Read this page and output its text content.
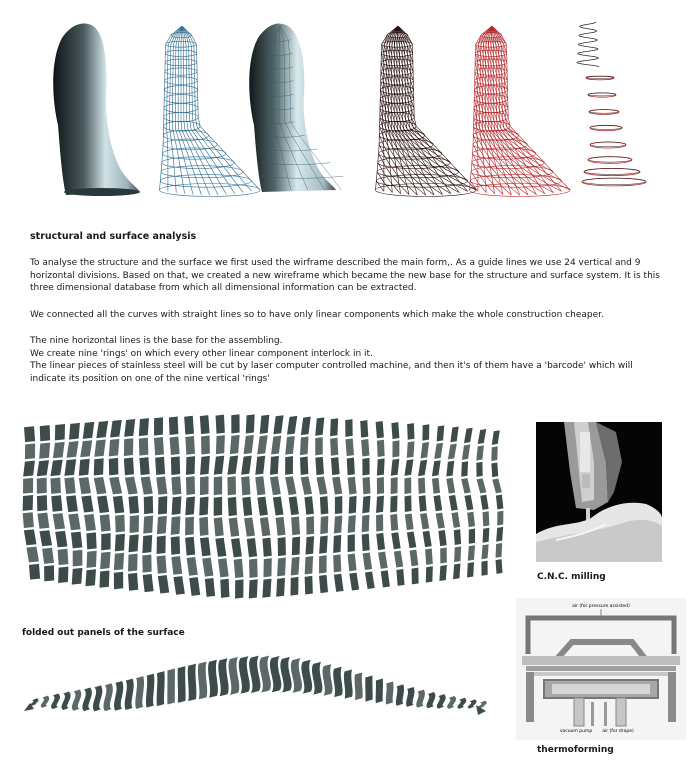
structural and surface analysis

To analyse the structure and the surface we first used the wirframe described the main form,. As a guide lines we use 24 vertical and 9 horizontal divisions. Based on that, we created a new wireframe which became the new base for the structure and surface system. It is this three dimensional database from which all dimensional information can be extracted.

We connected all the curves with straight lines so to have only linear components which make the whole construction cheaper.

The nine horizontal lines is the base for the assembling.

We create nine 'rings' on which every other linear component interlock in it.

The linear pieces of stainless steel will be cut by laser computer controlled machine, and then it's of them have a 'barcode' which will indicate its position on one of the nine vertical 'rings'

folded out panels of the surface
C.N.C. milling
air (for pressure assisted)
vacuum pump air (for drape)
thermoforming
